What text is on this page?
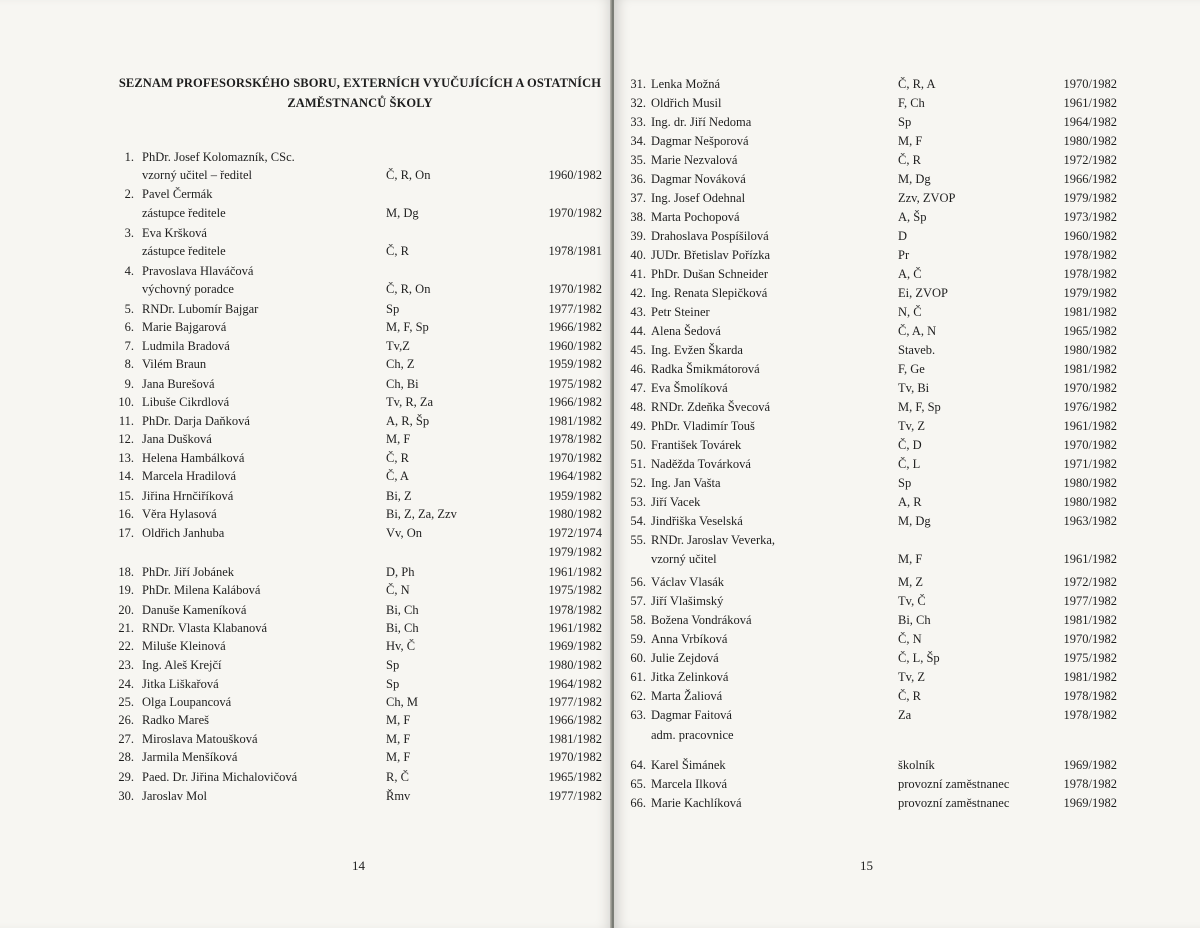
SEZNAM PROFESORSKÉHO SBORU, EXTERNÍCH VYUČUJÍCÍCH A OSTATNÍCH
ZAMĚSTNANCŮ ŠKOLY
1. PhDr. Josef Kolomazník, CSc.
vzorný učitel – ředitel	Č, R, On	1960/1982
2. Pavel Čermák
zástupce ředitele	M, Dg	1970/1982
3. Eva Kršková
zástupce ředitele	Č, R	1978/1981
4. Pravoslava Hlaváčová
výchovný poradce	Č, R, On	1970/1982
5. RNDr. Lubomír Bajgar	Sp	1977/1982
6. Marie Bajgarová	M, F, Sp	1966/1982
7. Ludmila Bradová	Tv,Z	1960/1982
8. Vilém Braun	Ch, Z	1959/1982
9. Jana Burešová	Ch, Bi	1975/1982
10. Libuše Cikrdlová	Tv, R, Za	1966/1982
11. PhDr. Darja Daňková	A, R, Šp	1981/1982
12. Jana Dušková	M, F	1978/1982
13. Helena Hambálková	Č, R	1970/1982
14. Marcela Hradilová	Č, A	1964/1982
15. Jiřina Hrnčiříková	Bi, Z	1959/1982
16. Věra Hylasová	Bi, Z, Za, Zzv	1980/1982
17. Oldřich Janhuba	Vv, On	1972/1974
1979/1982
18. PhDr. Jiří Jobánek	D, Ph	1961/1982
19. PhDr. Milena Kalábová	Č, N	1975/1982
20. Danuše Kameníková	Bi, Ch	1978/1982
21. RNDr. Vlasta Klabanová	Bi, Ch	1961/1982
22. Miluše Kleinová	Hv, Č	1969/1982
23. Ing. Aleš Krejčí	Sp	1980/1982
24. Jitka Liškařová	Sp	1964/1982
25. Olga Loupancová	Ch, M	1977/1982
26. Radko Mareš	M, F	1966/1982
27. Miroslava Matoušková	M, F	1981/1982
28. Jarmila Menšíková	M, F	1970/1982
29. Paed. Dr. Jiřina Michalovičová	R, Č	1965/1982
30. Jaroslav Mol	Řmv	1977/1982
14
31. Lenka Možná	Č, R, A	1970/1982
32. Oldřich Musil	F, Ch	1961/1982
33. Ing. dr. Jiří Nedoma	Sp	1964/1982
34. Dagmar Nešporová	M, F	1980/1982
35. Marie Nezvalová	Č, R	1972/1982
36. Dagmar Nováková	M, Dg	1966/1982
37. Ing. Josef Odehnal	Zzv, ZVOP	1979/1982
38. Marta Pochopová	A, Šp	1973/1982
39. Drahoslava Pospíšilová	D	1960/1982
40. JUDr. Břetislav Pořízka	Pr	1978/1982
41. PhDr. Dušan Schneider	A, Č	1978/1982
42. Ing. Renata Slepičková	Ei, ZVOP	1979/1982
43. Petr Steiner	N, Č	1981/1982
44. Alena Šedová	Č, A, N	1965/1982
45. Ing. Evžen Škarda	Staveb.	1980/1982
46. Radka Šmikmátorová	F, Ge	1981/1982
47. Eva Šmolíková	Tv, Bi	1970/1982
48. RNDr. Zdeňka Švecová	M, F, Sp	1976/1982
49. PhDr. Vladimír Touš	Tv, Z	1961/1982
50. František Továrek	Č, D	1970/1982
51. Naděžda Továrková	Č, L	1971/1982
52. Ing. Jan Vašta	Sp	1980/1982
53. Jiří Vacek	A, R	1980/1982
54. Jindřiška Veselská	M, Dg	1963/1982
55. RNDr. Jaroslav Veverka,
vzorný učitel	M, F	1961/1982
56. Václav Vlasák	M, Z	1972/1982
57. Jiří Vlašimský	Tv, Č	1977/1982
58. Božena Vondráková	Bi, Ch	1981/1982
59. Anna Vrbíková	Č, N	1970/1982
60. Julie Zejdová	Č, L, Šp	1975/1982
61. Jitka Zelinková	Tv, Z	1981/1982
62. Marta Žaliová	Č, R	1978/1982
63. Dagmar Faitová	Za	1978/1982
adm. pracovnice
64. Karel Šimánek	školník	1969/1982
65. Marcela Ilková	provozní zaměstnanec	1978/1982
66. Marie Kachlíková	provozní zaměstnanec	1969/1982
15
